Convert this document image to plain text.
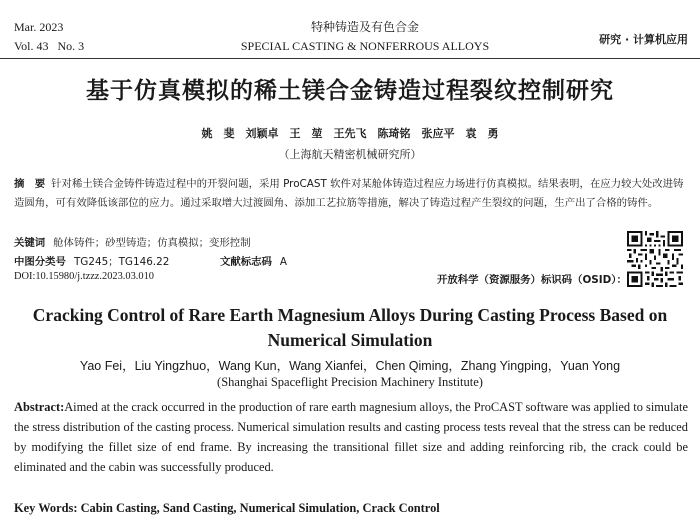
Mar. 2023
Vol. 43 No. 3
特种铸造及有色合金
SPECIAL CASTING & NONFERROUS ALLOYS	研究 · 计算机应用
基于仿真模拟的稀土镁合金铸造过程裂纹控制研究
姚　斐　刘颖卓　王　堃　王先飞　陈琦铭　张应平　袁　勇
（上海航天精密机械研究所）
摘　要 针对稀土镁合金铸件铸造过程中的开裂问题，采用 ProCAST 软件对某舱体铸造过程应力场进行仿真模拟。结果表明，在应力较大处改进铸造圆角，可有效降低该部位的应力。通过采取增大过渡圆角、添加工艺拉筋等措施，解决了铸造过程产生裂纹的问题，生产出了合格的铸件。
关键词 舱体铸件；砂型铸造；仿真模拟；变形控制
中图分类号 TG245；TG146.22	文献标志码 A
DOI:10.15980/j.tzzz.2023.03.010	开放科学（资源服务）标识码（OSID）：
Cracking Control of Rare Earth Magnesium Alloys During Casting Process Based on Numerical Simulation
Yao Fei，Liu Yingzhuo，Wang Kun，Wang Xianfei，Chen Qiming，Zhang Yingping，Yuan Yong
(Shanghai Spaceflight Precision Machinery Institute)
Abstract:Aimed at the crack occurred in the production of rare earth magnesium alloys, the ProCAST software was applied to simulate the stress distribution of the casting process. Numerical simulation results and casting process tests reveal that the stress can be reduced by modifying the fillet size of end frame. By increasing the transitional fillet size and adding reinforcing rib, the crack could be eliminated and the cabin was successfully produced.
Key Words: Cabin Casting, Sand Casting, Numerical Simulation, Crack Control
